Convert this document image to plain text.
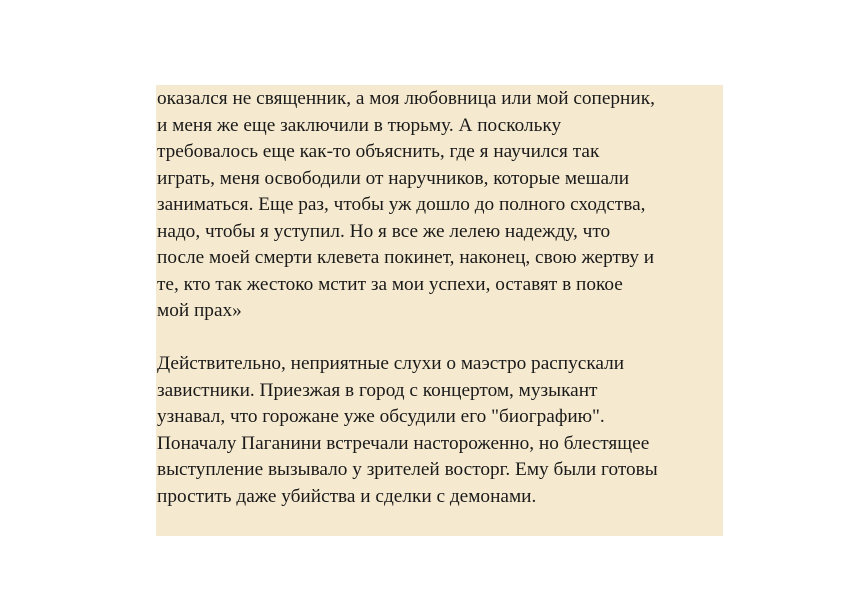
оказался не священник, а моя любовница или мой соперник,
и меня же еще заключили в тюрьму. А поскольку
требовалось еще как-то объяснить, где я научился так
играть, меня освободили от наручников, которые мешали
заниматься. Еще раз, чтобы уж дошло до полного сходства,
надо, чтобы я уступил. Но я все же лелею надежду, что
после моей смерти клевета покинет, наконец, свою жертву и
те, кто так жестоко мстит за мои успехи, оставят в покое
мой прах»

Действительно, неприятные слухи о маэстро распускали
завистники. Приезжая в город с концертом, музыкант
узнавал, что горожане уже обсудили его "биографию".
Поначалу Паганини встречали настороженно, но блестящее
выступление вызывало у зрителей восторг. Ему были готовы
простить даже убийства и сделки с демонами.
